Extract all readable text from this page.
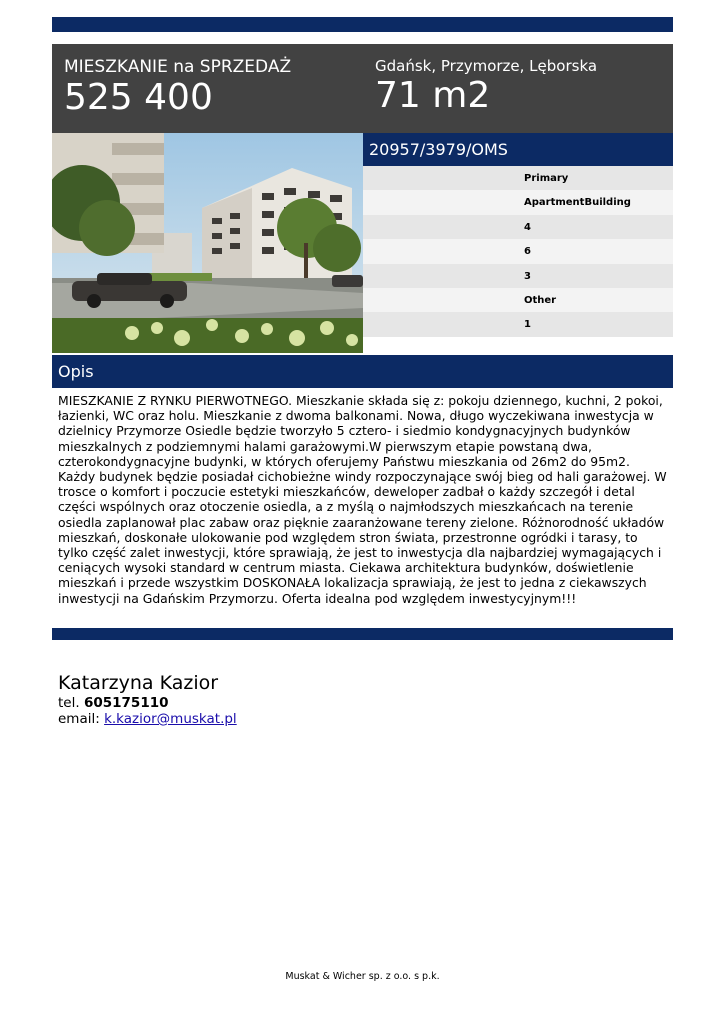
MIESZKANIE na SPRZEDAŻ
525 400
Gdańsk, Przymorze, Lęborska
71 m2
20957/3979/OMS
Primary
ApartmentBuilding
4
6
3
Other
1
Opis
MIESZKANIE Z RYNKU PIERWOTNEGO. Mieszkanie składa się z: pokoju dziennego, kuchni, 2 pokoi, łazienki, WC oraz holu. Mieszkanie z dwoma balkonami. Nowa, długo wyczekiwana inwestycja w dzielnicy Przymorze Osiedle będzie tworzyło 5 cztero- i siedmio kondygnacyjnych budynków mieszkalnych z podziemnymi halami garażowymi.W pierwszym etapie powstaną dwa, czterokondygnacyjne budynki, w których oferujemy Państwu mieszkania od 26m2 do 95m2. Każdy budynek będzie posiadał cichobieżne windy rozpoczynające swój bieg od hali garażowej. W trosce o komfort i poczucie estetyki mieszkańców, deweloper zadbał o każdy szczegół i detal części wspólnych oraz otoczenie osiedla, a z myślą o najmłodszych mieszkańcach na terenie osiedla zaplanował plac zabaw oraz pięknie zaaranżowane tereny zielone. Różnorodność układów mieszkań, doskonałe ulokowanie pod względem stron świata, przestronne ogródki i tarasy, to tylko część zalet inwestycji, które sprawiają, że jest to inwestycja dla najbardziej wymagających i ceniących wysoki standard w centrum miasta. Ciekawa architektura budynków, doświetlenie mieszkań i przede wszystkim DOSKONAŁA lokalizacja sprawiają, że jest to jedna z ciekawszych inwestycji na Gdańskim Przymorzu. Oferta idealna pod względem inwestycyjnym!!!
Katarzyna Kazior
tel. 605175110
email: k.kazior@muskat.pl
Muskat & Wicher sp. z o.o. s p.k.
